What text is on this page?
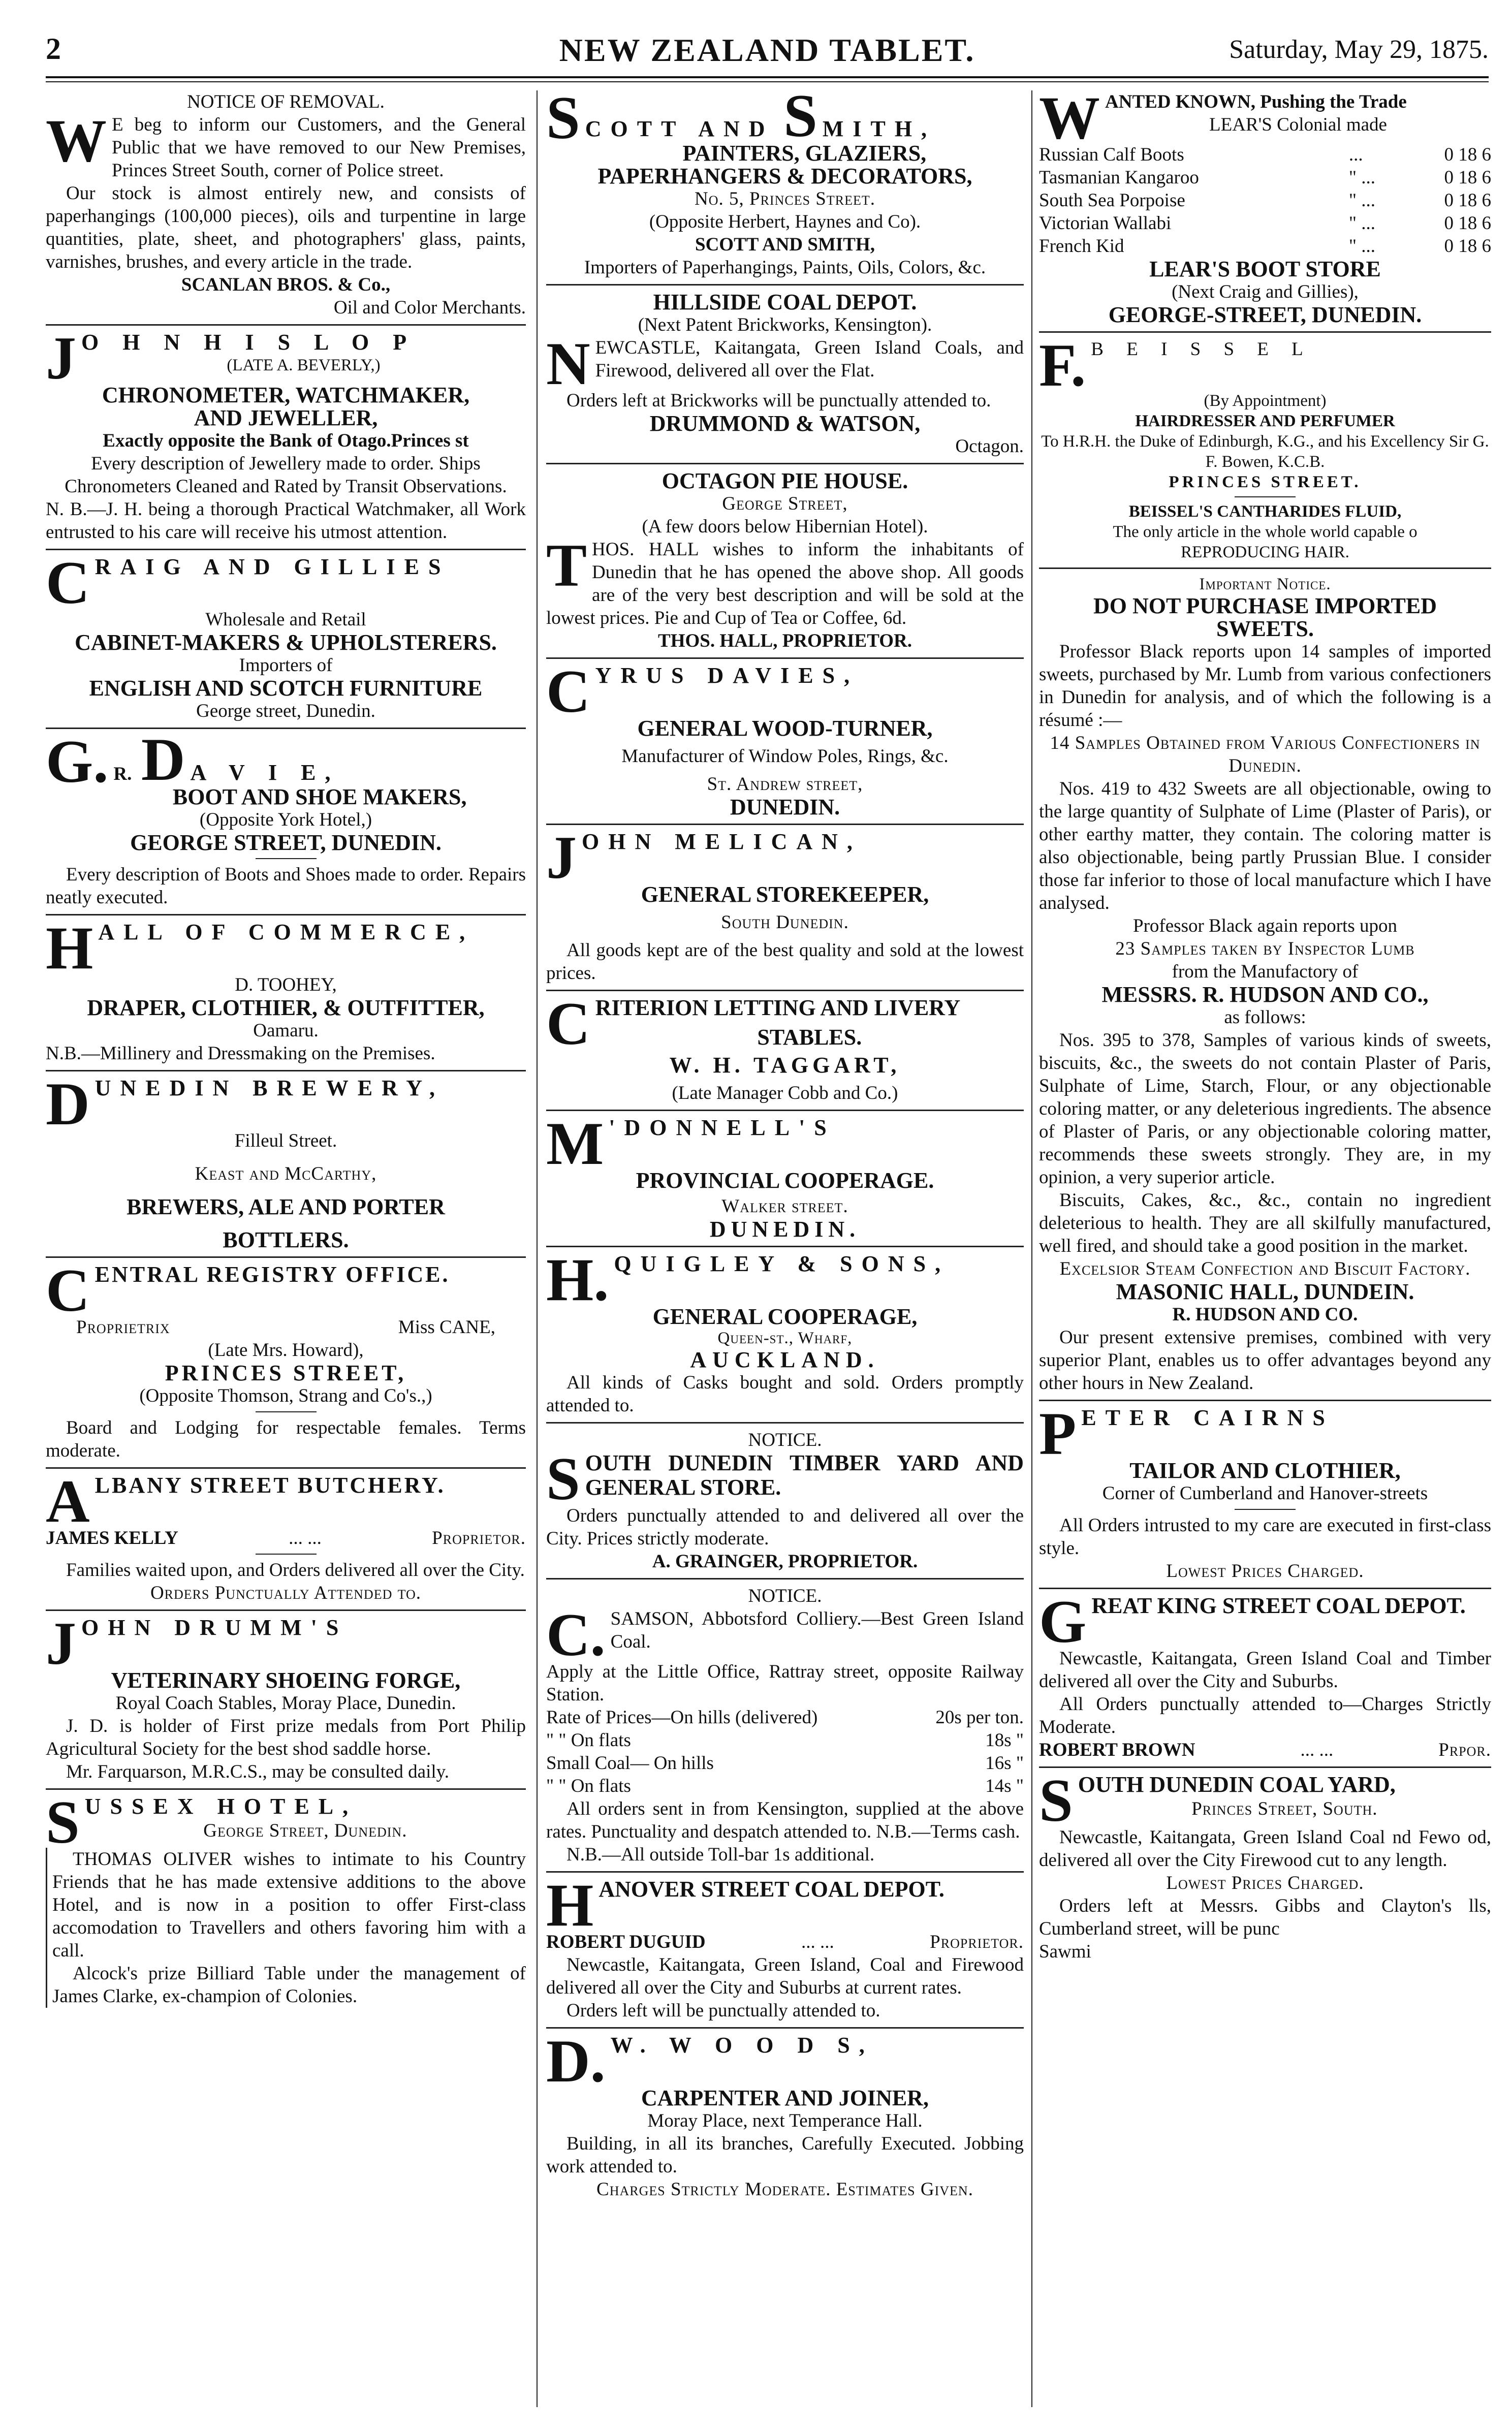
2	NEW ZEALAND TABLET.	Saturday, May 29, 1875.
NOTICE OF REMOVAL.
W E beg to inform our Customers, and the General Public that we have removed to our New Premises, Princes Street South, corner of Police street.
Our stock is almost entirely new, and consists of paperhangings (100,000 pieces), oils and turpentine in large quantities, plate, sheet, and photographers' glass, paints, varnishes, brushes, and every article in the trade.
SCANLAN BROS. & Co.,
Oil and Color Merchants.
J O H N H I S L O P
(LATE A. BEVERLY,)
CHRONOMETER, WATCHMAKER,
AND JEWELLER,
Exactly opposite the Bank of Otago.Princes st
Every description of Jewellery made to order. Ships Chronometers Cleaned and Rated by Transit Observations.
N. B.—J. H. being a thorough Practical Watchmaker, all Work entrusted to his care will receive his utmost attention.
CRAIG AND GILLIES
Wholesale and Retail
CABINET-MAKERS & UPHOLSTERERS.
Importers of
ENGLISH AND SCOTCH FURNITURE
George street, Dunedin.
G. R. D A V I E,
BOOT AND SHOE MAKERS,
(Opposite York Hotel,)
GEORGE STREET, DUNEDIN.
Every description of Boots and Shoes made to order. Repairs neatly executed.
HALL OF COMMERCE,
D. TOOHEY,
DRAPER, CLOTHIER, & OUTFITTER,
Oamaru.
N.B.—Millinery and Dressmaking on the Premises.
DUNEDIN BREWERY,
Filleul Street.
Keast and McCarthy,
BREWERS, ALE AND PORTER
BOTTLERS.
CENTRAL REGISTRY OFFICE.
Proprietrix	Miss CANE,
(Late Mrs. Howard),
PRINCES STREET,
(Opposite Thomson, Strang and Co's.,)
Board and Lodging for respectable females. Terms moderate.
ALBANY STREET BUTCHERY.
JAMES KELLY	... ...	Proprietor.
Families waited upon, and Orders delivered all over the City.
Orders Punctually Attended to.
JOHN DRUMM'S
VETERINARY SHOEING FORGE,
Royal Coach Stables, Moray Place, Dunedin.
J. D. is holder of First prize medals from Port Philip Agricultural Society for the best shod saddle horse.
Mr. Farquarson, M.R.C.S., may be consulted daily.
SUSSEX HOTEL,
George Street, Dunedin.
THOMAS OLIVER wishes to intimate to his Country Friends that he has made extensive additions to the above Hotel, and is now in a position to offer First-class accomodation to Travellers and others favoring him with a call.
Alcock's prize Billiard Table under the management of James Clarke, ex-champion of Colonies.
SCOTT AND S MITH,
PAINTERS, GLAZIERS,
PAPERHANGERS & DECORATORS,
No. 5, Princes Street.
(Opposite Herbert, Haynes and Co).
SCOTT AND SMITH,
Importers of Paperhangings, Paints, Oils, Colors, &c.
HILLSIDE COAL DEPOT.
(Next Patent Brickworks, Kensington).
NEWCASTLE, Kaitangata, Green Island Coals, and Firewood, delivered all over the Flat.
Orders left at Brickworks will be punctually attended to.
DRUMMOND & WATSON,
Octagon.
OCTAGON PIE HOUSE.
George Street,
(A few doors below Hibernian Hotel).
THOS. HALL wishes to inform the inhabitants of Dunedin that he has opened the above shop. All goods are of the very best description and will be sold at the lowest prices. Pie and Cup of Tea or Coffee, 6d.
THOS. HALL, PROPRIETOR.
CYRUS DAVIES,
GENERAL WOOD-TURNER,
Manufacturer of Window Poles, Rings, &c.
St. Andrew street,
DUNEDIN.
JOHN MELICAN,
GENERAL STOREKEEPER,
South Dunedin.
All goods kept are of the best quality and sold at the lowest prices.
CRITERION LETTING AND LIVERY
STABLES.
W. H. TAGGART,
(Late Manager Cobb and Co.)
M 'DONNELL'S
PROVINCIAL COOPERAGE.
Walker street.
DUNEDIN.
H. QUIGLEY & SONS,
GENERAL COOPERAGE,
Queen-st., Wharf,
AUCKLAND.
All kinds of Casks bought and sold. Orders promptly attended to.
NOTICE.
SOUTH DUNEDIN TIMBER YARD AND GENERAL STORE.
Orders punctually attended to and delivered all over the City. Prices strictly moderate.
A. GRAINGER, PROPRIETOR.
NOTICE.
C. SAMSON, Abbotsford Colliery.—Best Green Island Coal.
Apply at the Little Office, Rattray street, opposite Railway Station.
Rate of Prices—On hills (delivered)	20s per ton.
" " On flats	18s "
Small Coal— On hills	16s "
" " On flats	14s "
All orders sent in from Kensington, supplied at the above rates. Punctuality and despatch attended to. N.B.—Terms cash.
N.B.—All outside Toll-bar 1s additional.
HANOVER STREET COAL DEPOT.
ROBERT DUGUID	... ...	Proprietor.
Newcastle, Kaitangata, Green Island, Coal and Firewood delivered all over the City and Suburbs at current rates.
Orders left will be punctually attended to.
D. W. W O O D S,
CARPENTER AND JOINER,
Moray Place, next Temperance Hall.
Building, in all its branches, Carefully Executed. Jobbing work attended to.
Charges Strictly Moderate. Estimates Given.
WANTED KNOWN, Pushing the Trade
LEAR'S Colonial made
Russian Calf Boots	...	0 18 6
Tasmanian Kangaroo	" ...	0 18 6
South Sea Porpoise	" ...	0 18 6
Victorian Wallabi	" ...	0 18 6
French Kid	" ...	0 18 6
LEAR'S BOOT STORE
(Next Craig and Gillies),
GEORGE-STREET, DUNEDIN.
F. B E I S S E L
(By Appointment)
HAIRDRESSER AND PERFUMER
To H.R.H. the Duke of Edinburgh, K.G., and his Excellency Sir G. F. Bowen, K.C.B.
PRINCES STREET.
BEISSEL'S CANTHARIDES FLUID,
The only article in the whole world capable o
REPRODUCING HAIR.
Important Notice.
DO NOT PURCHASE IMPORTED
SWEETS.
Professor Black reports upon 14 samples of imported sweets, purchased by Mr. Lumb from various confectioners in Dunedin for analysis, and of which the following is a résumé :—
14 Samples Obtained from Various Confectioners in Dunedin.
Nos. 419 to 432 Sweets are all objectionable, owing to the large quantity of Sulphate of Lime (Plaster of Paris), or other earthy matter, they contain. The coloring matter is also objectionable, being partly Prussian Blue. I consider those far inferior to those of local manufacture which I have analysed.
Professor Black again reports upon
23 Samples taken by Inspector Lumb
from the Manufactory of
MESSRS. R. HUDSON AND CO.,
as follows:
Nos. 395 to 378, Samples of various kinds of sweets, biscuits, &c., the sweets do not contain Plaster of Paris, Sulphate of Lime, Starch, Flour, or any objectionable coloring matter, or any deleterious ingredients. The absence of Plaster of Paris, or any objectionable coloring matter, recommends these sweets strongly. They are, in my opinion, a very superior article.
Biscuits, Cakes, &c., &c., contain no ingredient deleterious to health. They are all skilfully manufactured, well fired, and should take a good position in the market.
Excelsior Steam Confection and Biscuit Factory.
MASONIC HALL, DUNDEIN.
R. HUDSON AND CO.
Our present extensive premises, combined with very superior Plant, enables us to offer advantages beyond any other hours in New Zealand.
PETER CAIRNS
TAILOR AND CLOTHIER,
Corner of Cumberland and Hanover-streets
All Orders intrusted to my care are executed in first-class style.
Lowest Prices Charged.
GREAT KING STREET COAL DEPOT.
Newcastle, Kaitangata, Green Island Coal and Timber delivered all over the City and Suburbs.
All Orders punctually attended to—Charges Strictly Moderate.
ROBERT BROWN	... ...	Prpor.
SOUTH DUNEDIN COAL YARD,
Princes Street, South.
Newcastle, Kaitangata, Green Island Coal nd Fewo od, delivered all over the City Firewood cut to any length.
Lowest Prices Charged.
Orders left at Messrs. Gibbs and Clayton's lls, Cumberland street, will be punc
Sawmi
